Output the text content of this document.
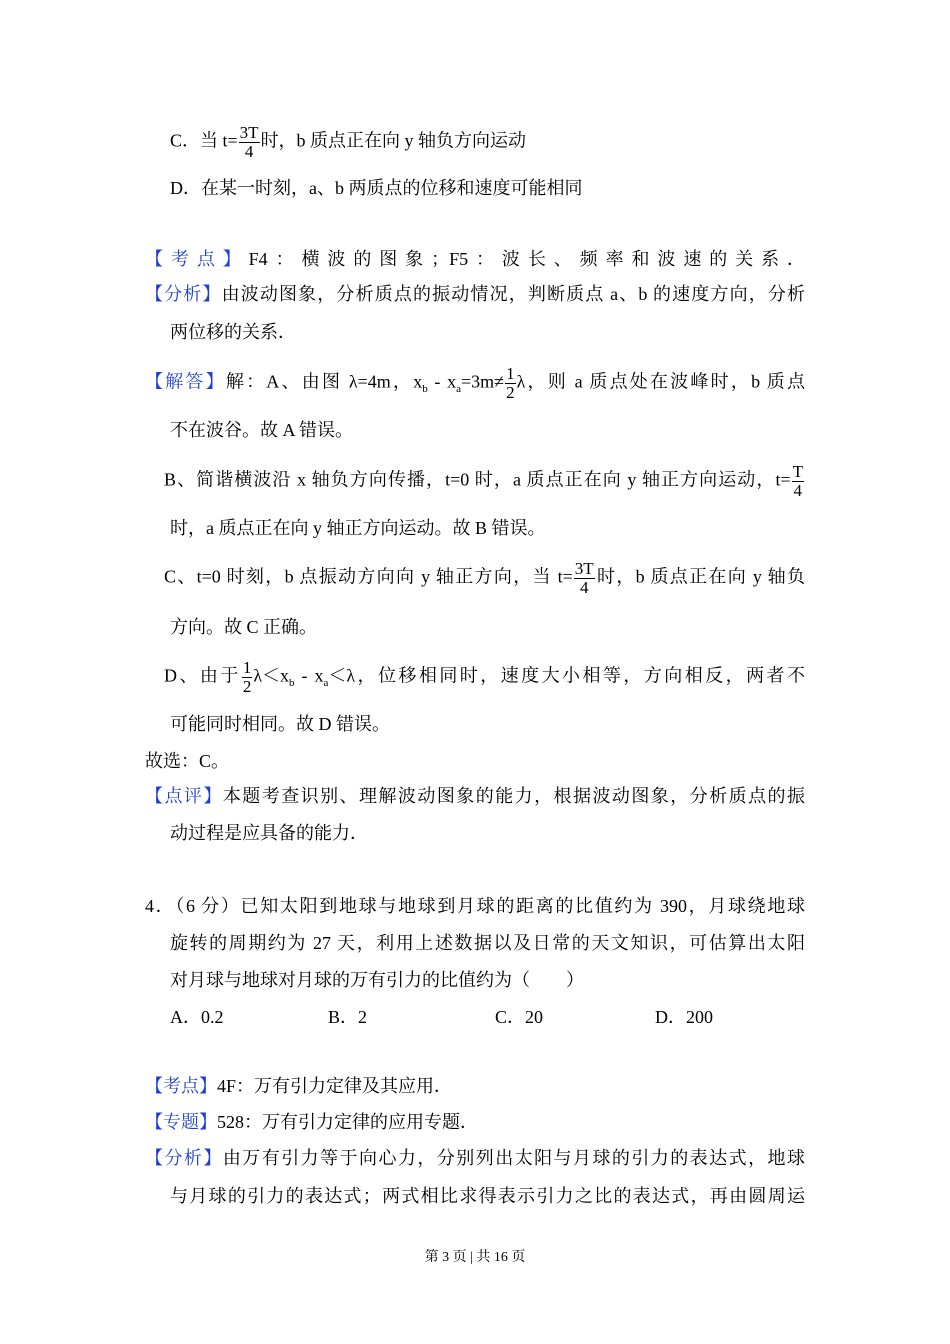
C．当 $t= \frac{3T}{4}$ 时，b 质点正在向 y 轴负方向运动
D．在某一时刻，a、b 两质点的位移和速度可能相同
【考点】F4：横波的图象；F5：波长、频率和波速的关系．
【分析】由波动图象，分析质点的振动情况，判断质点 a、b 的速度方向，分析
两位移的关系．
【解答】解：A、由图 λ=4m，$x_b - x_a=3m\ne \frac{1}{2}$ λ，则 a 质点处在波峰时，b 质点
不在波谷。故 A 错误。
B、简谐横波沿 x 轴负方向传播，t=0 时，a 质点正在向 y 轴正方向运动，$t= \frac{T}{4}$
时，a 质点正在向 y 轴正方向运动。故 B 错误。
C、t=0 时刻，b 点振动方向向 y 轴正方向，当 $t= \frac{3T}{4}$ 时，b 质点正在向 y 轴负
方向。故 C 正确。
D、由于 $\frac{1}{2} \lambda<x_b - x_a<\lambda$，位移相同时，速度大小相等，方向相反，两者不
可能同时相同。故 D 错误。
故选：C。
【点评】本题考查识别、理解波动图象的能力，根据波动图象，分析质点的振
动过程是应具备的能力．
4．（6 分）已知太阳到地球与地球到月球的距离的比值约为 390，月球绕地球
旋转的周期约为 27 天，利用上述数据以及日常的天文知识，可估算出太阳
对月球与地球对月球的万有引力的比值约为（　　）
A．0.2	B．2	C．20	D．200
【考点】4F：万有引力定律及其应用．
【专题】528：万有引力定律的应用专题．
【分析】由万有引力等于向心力，分别列出太阳与月球的引力的表达式，地球
与月球的引力的表达式；两式相比求得表示引力之比的表达式，再由圆周运
第 3 页 | 共 16 页
